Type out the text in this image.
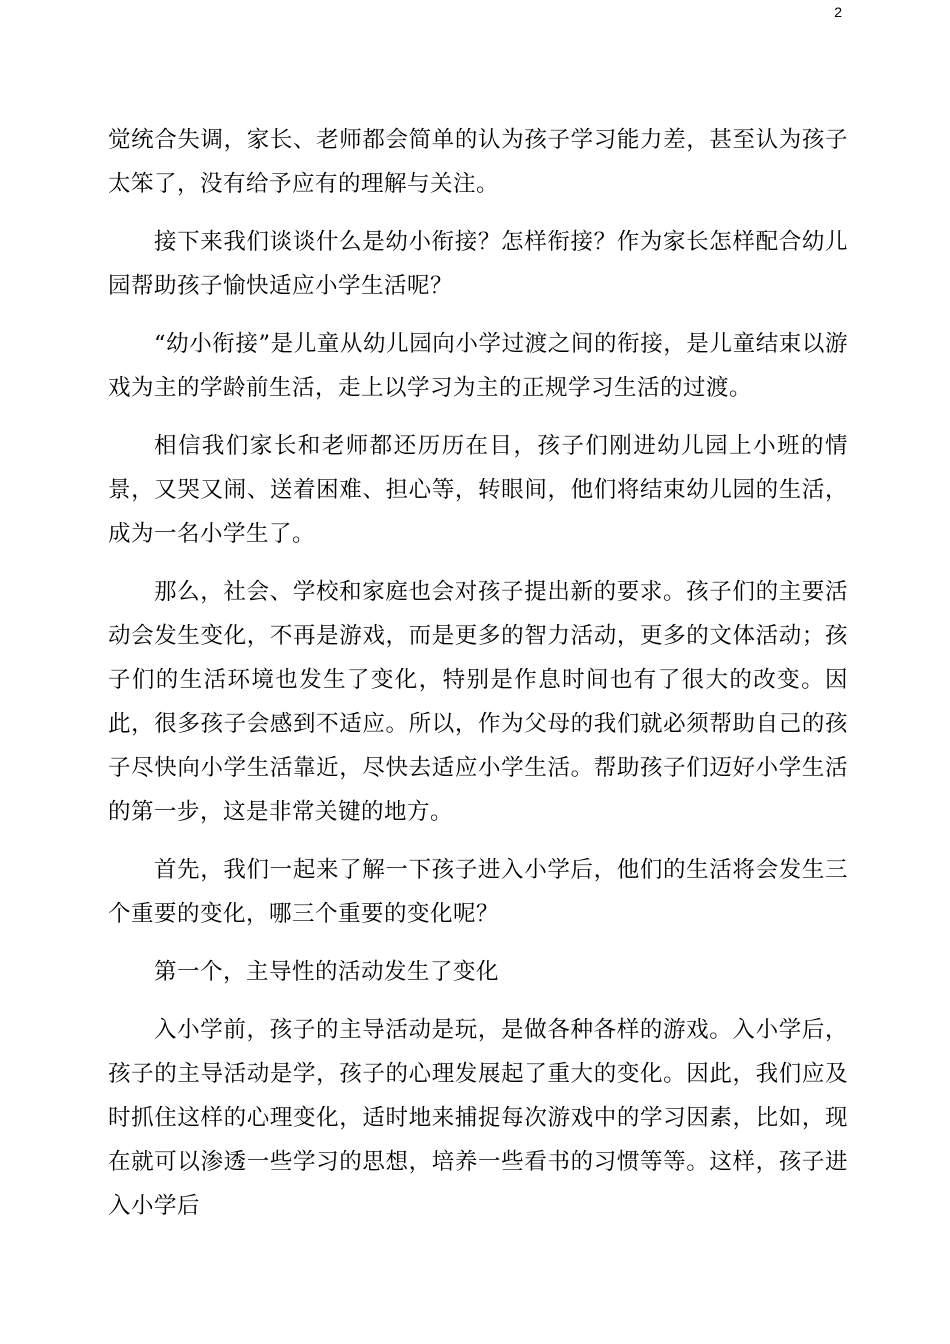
2

觉统合失调，家长、老师都会简单的认为孩子学习能力差，甚至认为孩子太笨了，没有给予应有的理解与关注。

接下来我们谈谈什么是幼小衔接？怎样衔接？作为家长怎样配合幼儿园帮助孩子愉快适应小学生活呢？

“幼小衔接”是儿童从幼儿园向小学过渡之间的衔接，是儿童结束以游戏为主的学龄前生活，走上以学习为主的正规学习生活的过渡。

相信我们家长和老师都还历历在目，孩子们刚进幼儿园上小班的情景，又哭又闹、送着困难、担心等，转眼间，他们将结束幼儿园的生活，成为一名小学生了。

那么，社会、学校和家庭也会对孩子提出新的要求。孩子们的主要活动会发生变化，不再是游戏，而是更多的智力活动，更多的文体活动；孩子们的生活环境也发生了变化，特别是作息时间也有了很大的改变。因此，很多孩子会感到不适应。所以，作为父母的我们就必须帮助自己的孩子尽快向小学生活靠近，尽快去适应小学生活。帮助孩子们迈好小学生活的第一步，这是非常关键的地方。

首先，我们一起来了解一下孩子进入小学后，他们的生活将会发生三个重要的变化，哪三个重要的变化呢？

第一个，主导性的活动发生了变化

入小学前，孩子的主导活动是玩，是做各种各样的游戏。入小学后，孩子的主导活动是学，孩子的心理发展起了重大的变化。因此，我们应及时抓住这样的心理变化，适时地来捕捉每次游戏中的学习因素，比如，现在就可以渗透一些学习的思想，培养一些看书的习惯等等。这样，孩子进入小学后
